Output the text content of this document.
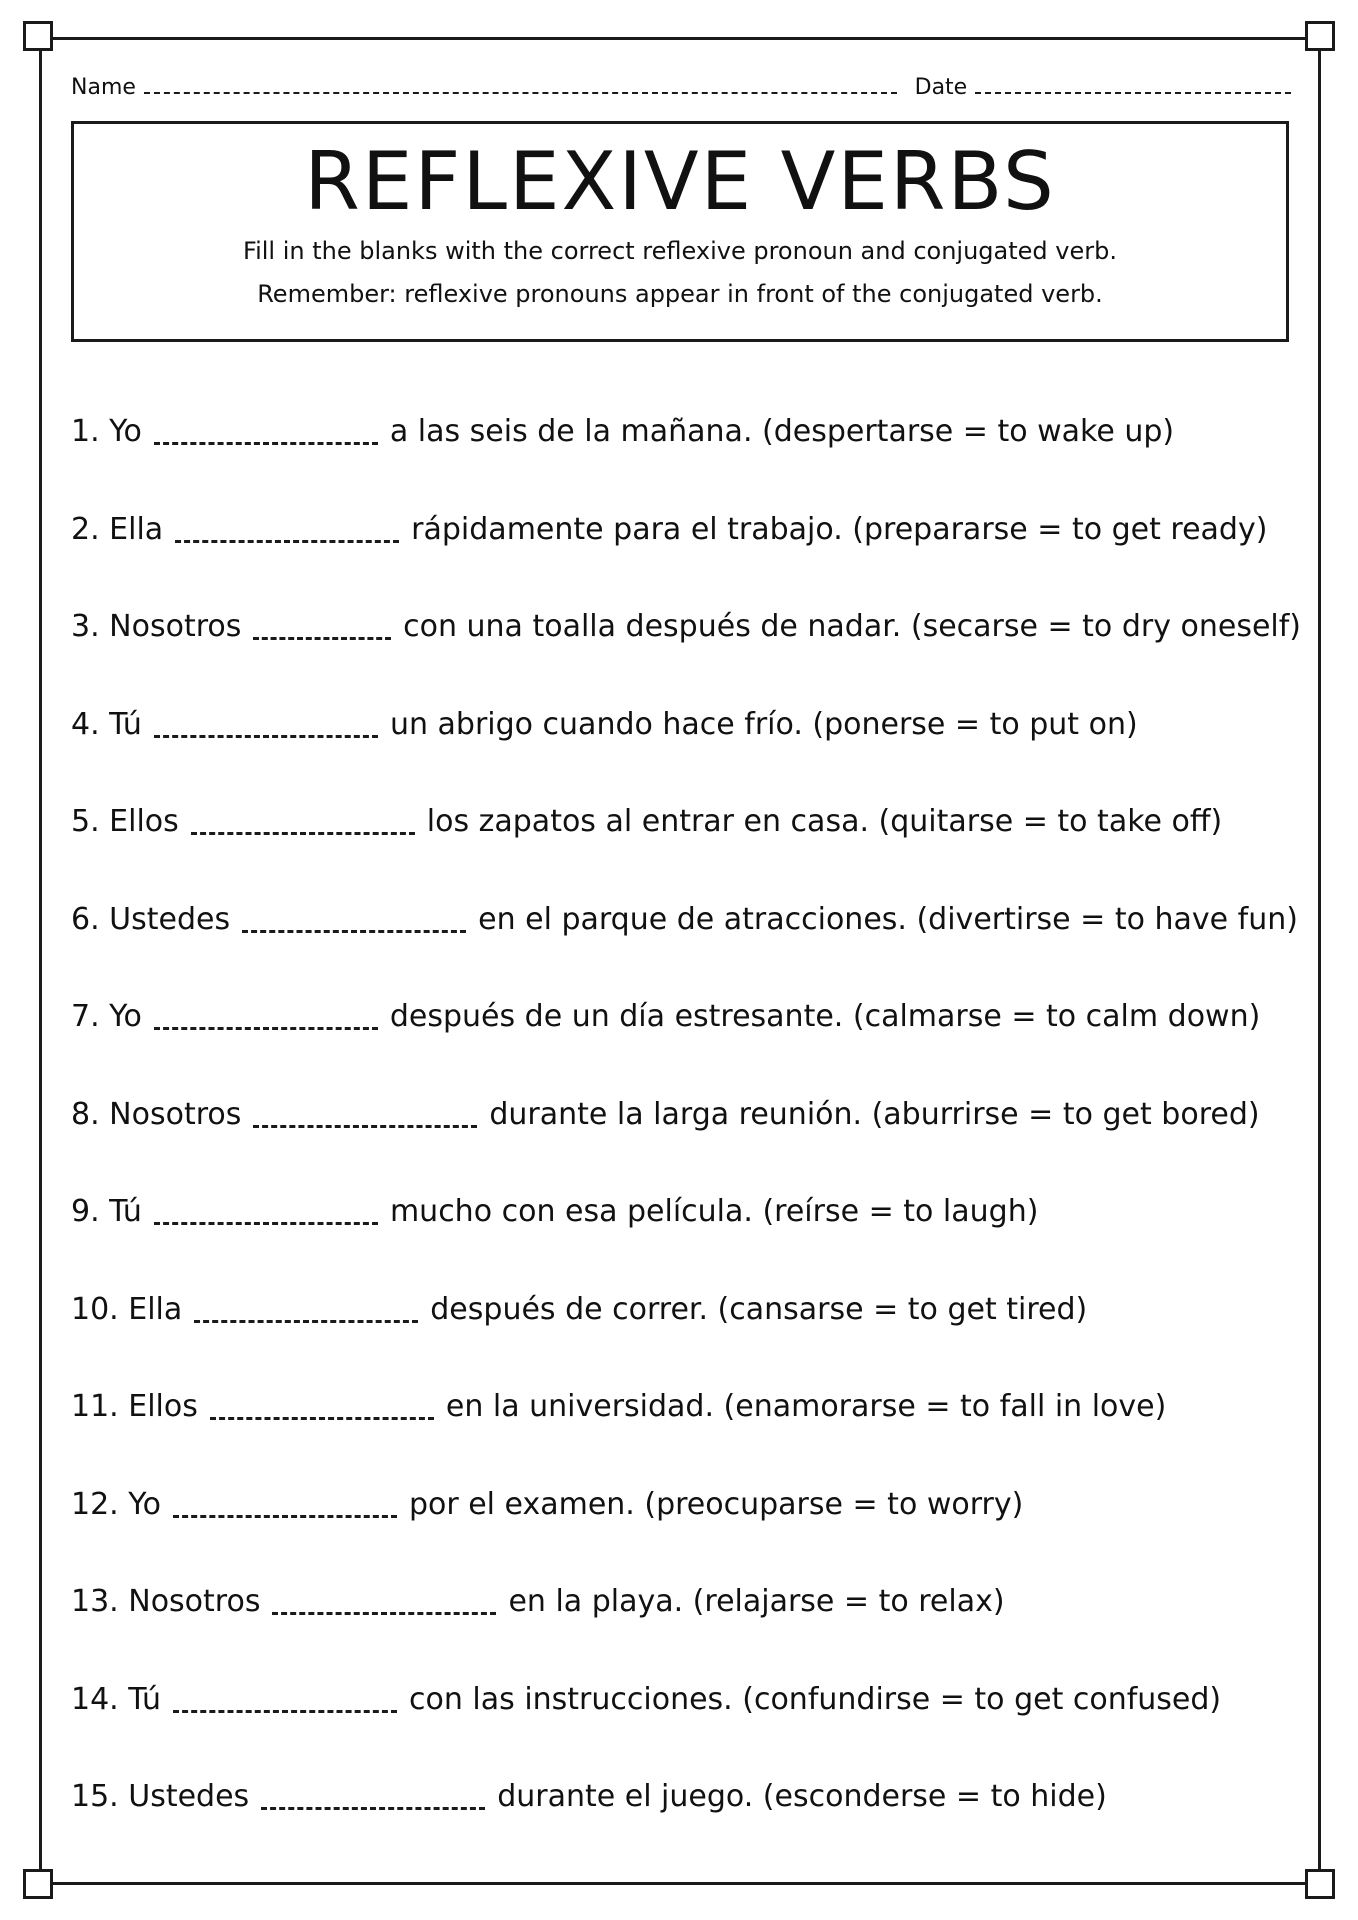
Name	Date
REFLEXIVE VERBS
Fill in the blanks with the correct reflexive pronoun and conjugated verb.
Remember: reflexive pronouns appear in front of the conjugated verb.
1. Yo	a las seis de la mañana. (despertarse = to wake up)
2. Ella	rápidamente para el trabajo. (prepararse = to get ready)
3. Nosotros	con una toalla después de nadar. (secarse = to dry oneself)
4. Tú	un abrigo cuando hace frío. (ponerse = to put on)
5. Ellos	los zapatos al entrar en casa. (quitarse = to take off)
6. Ustedes	en el parque de atracciones. (divertirse = to have fun)
7. Yo	después de un día estresante. (calmarse = to calm down)
8. Nosotros	durante la larga reunión. (aburrirse = to get bored)
9. Tú	mucho con esa película. (reírse = to laugh)
10. Ella	después de correr. (cansarse = to get tired)
11. Ellos	en la universidad. (enamorarse = to fall in love)
12. Yo	por el examen. (preocuparse = to worry)
13. Nosotros	en la playa. (relajarse = to relax)
14. Tú	con las instrucciones. (confundirse = to get confused)
15. Ustedes	durante el juego. (esconderse = to hide)
